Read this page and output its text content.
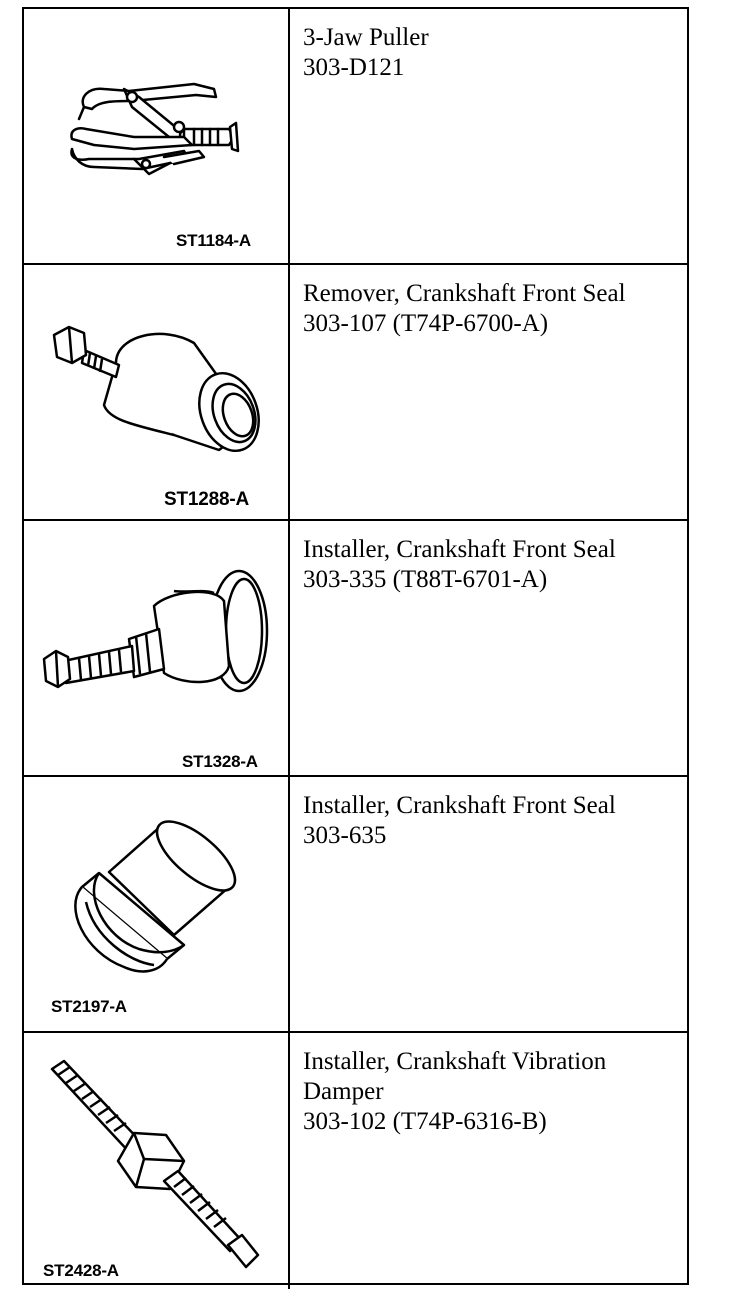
ST1184-A

3-Jaw Puller
303-D121

ST1288-A

Remover, Crankshaft Front Seal
303-107 (T74P-6700-A)

ST1328-A

Installer, Crankshaft Front Seal
303-335 (T88T-6701-A)

ST2197-A

Installer, Crankshaft Front Seal
303-635

ST2428-A

Installer, Crankshaft Vibration
Damper
303-102 (T74P-6316-B)
